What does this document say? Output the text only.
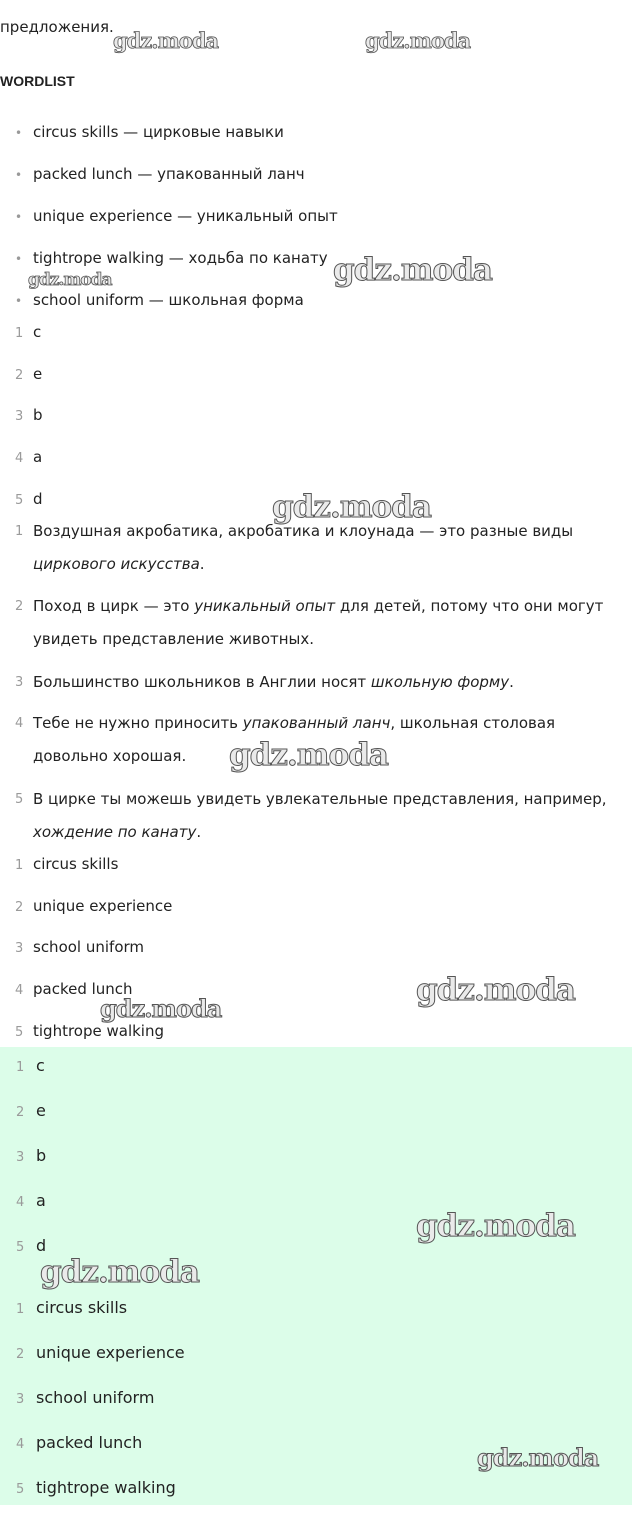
предложения.
WORDLIST
• circus skills — цирковые навыки
• packed lunch — упакованный ланч
• unique experience — уникальный опыт
• tightrope walking — ходьба по канату
• school uniform — школьная форма
1 c
2 e
3 b
4 a
5 d
1 Воздушная акробатика, акробатика и клоунада — это разные виды циркового искусства.
2 Поход в цирк — это уникальный опыт для детей, потому что они могут увидеть представление животных.
3 Большинство школьников в Англии носят школьную форму.
4 Тебе не нужно приносить упакованный ланч, школьная столовая довольно хорошая.
5 В цирке ты можешь увидеть увлекательные представления, например, хождение по канату.
1 circus skills
2 unique experience
3 school uniform
4 packed lunch
5 tightrope walking
1 c
2 e
3 b
4 a
5 d
1 circus skills
2 unique experience
3 school uniform
4 packed lunch
5 tightrope walking
gdz.moda	gdz.moda
gdz.moda
gdz.moda
gdz.moda
gdz.moda
gdz.moda
gdz.moda
gdz.moda
gdz.moda
gdz.moda
